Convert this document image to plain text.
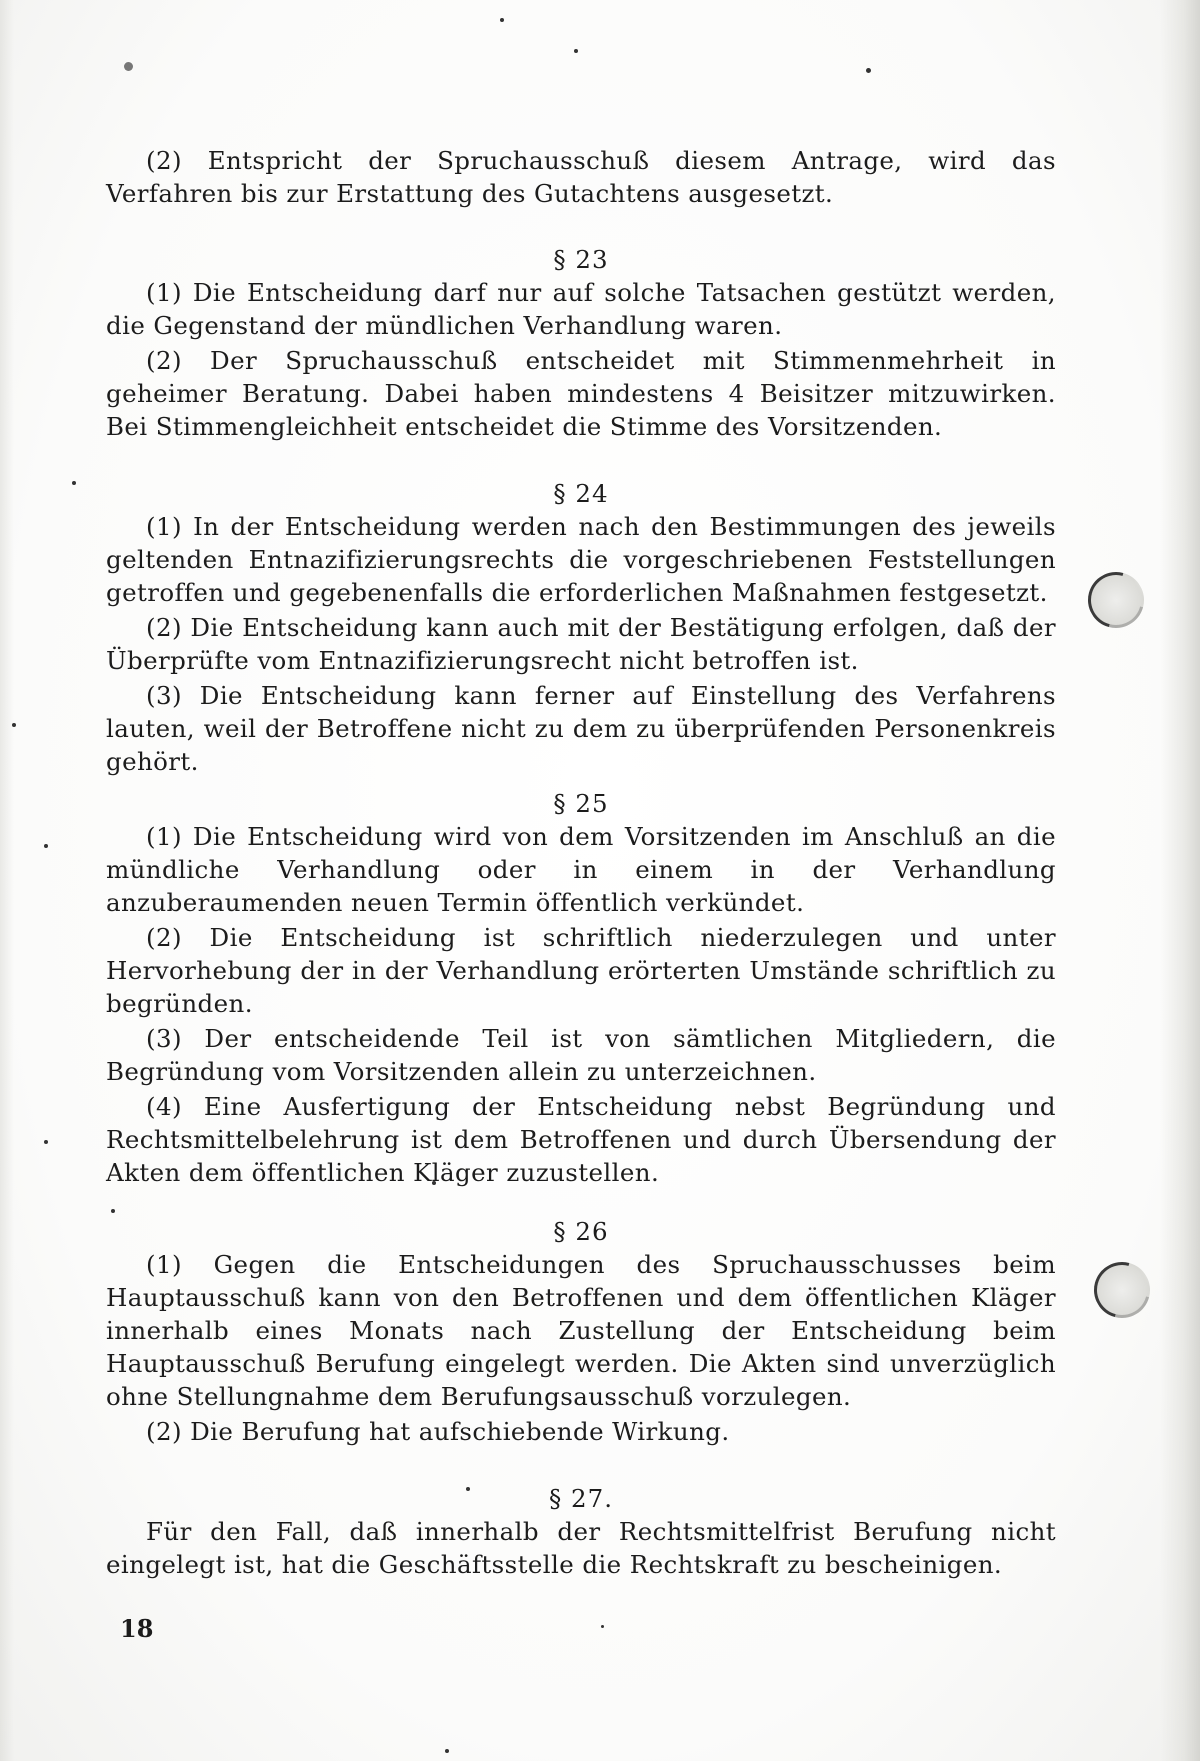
(2) Entspricht der Spruchausschuß diesem Antrage, wird das Verfahren bis zur Erstattung des Gutachtens ausgesetzt.

§ 23

(1) Die Entscheidung darf nur auf solche Tatsachen gestützt werden, die Gegenstand der mündlichen Verhandlung waren.

(2) Der Spruchausschuß entscheidet mit Stimmenmehrheit in geheimer Beratung. Dabei haben mindestens 4 Beisitzer mitzuwirken. Bei Stimmengleichheit entscheidet die Stimme des Vorsitzenden.

§ 24

(1) In der Entscheidung werden nach den Bestimmungen des jeweils geltenden Entnazifizierungsrechts die vorgeschriebenen Feststellungen getroffen und gegebenenfalls die erforderlichen Maßnahmen festgesetzt.

(2) Die Entscheidung kann auch mit der Bestätigung erfolgen, daß der Überprüfte vom Entnazifizierungsrecht nicht betroffen ist.

(3) Die Entscheidung kann ferner auf Einstellung des Verfahrens lauten, weil der Betroffene nicht zu dem zu überprüfenden Personenkreis gehört.

§ 25

(1) Die Entscheidung wird von dem Vorsitzenden im Anschluß an die mündliche Verhandlung oder in einem in der Verhandlung anzuberaumenden neuen Termin öffentlich verkündet.

(2) Die Entscheidung ist schriftlich niederzulegen und unter Hervorhebung der in der Verhandlung erörterten Umstände schriftlich zu begründen.

(3) Der entscheidende Teil ist von sämtlichen Mitgliedern, die Begründung vom Vorsitzenden allein zu unterzeichnen.

(4) Eine Ausfertigung der Entscheidung nebst Begründung und Rechtsmittelbelehrung ist dem Betroffenen und durch Übersendung der Akten dem öffentlichen Kläger zuzustellen.

§ 26

(1) Gegen die Entscheidungen des Spruchausschusses beim Hauptausschuß kann von den Betroffenen und dem öffentlichen Kläger innerhalb eines Monats nach Zustellung der Entscheidung beim Hauptausschuß Berufung eingelegt werden. Die Akten sind unverzüglich ohne Stellungnahme dem Berufungsausschuß vorzulegen.

(2) Die Berufung hat aufschiebende Wirkung.

§ 27.

Für den Fall, daß innerhalb der Rechtsmittelfrist Berufung nicht eingelegt ist, hat die Geschäftsstelle die Rechtskraft zu bescheinigen.

18
